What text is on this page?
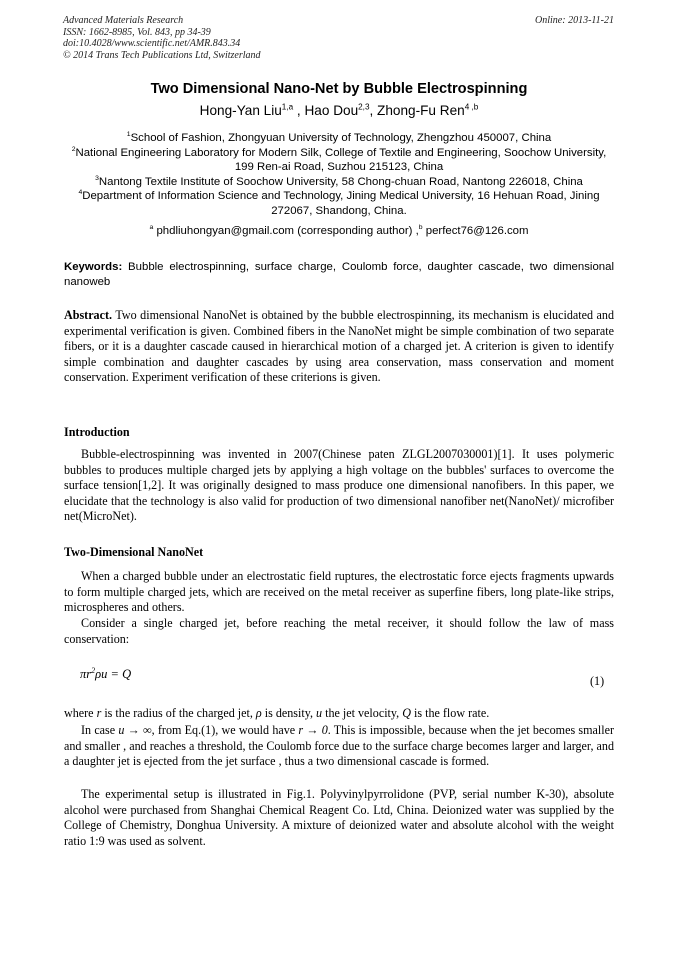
Advanced Materials Research
ISSN: 1662-8985, Vol. 843, pp 34-39
doi:10.4028/www.scientific.net/AMR.843.34
© 2014 Trans Tech Publications Ltd, Switzerland
Online: 2013-11-21
Two Dimensional Nano-Net by Bubble Electrospinning
Hong-Yan Liu$^{1,a}$ , Hao Dou$^{2,3}$, Zhong-Fu Ren$^{4 ,b}$
$^1$School of Fashion, Zhongyuan University of Technology, Zhengzhou 450007, China
$^2$National Engineering Laboratory for Modern Silk, College of Textile and Engineering, Soochow University, 199 Ren-ai Road, Suzhou 215123, China
$^3$Nantong Textile Institute of Soochow University, 58 Chong-chuan Road, Nantong 226018, China
$^4$Department of Information Science and Technology, Jining Medical University, 16 Hehuan Road, Jining 272067, Shandong, China.
$^a$ phdliuhongyan@gmail.com (corresponding author) ,$^b$ perfect76@126.com
Keywords: Bubble electrospinning, surface charge, Coulomb force, daughter cascade, two dimensional nanoweb
Abstract. Two dimensional NanoNet is obtained by the bubble electrospinning, its mechanism is elucidated and experimental verification is given. Combined fibers in the NanoNet might be simple combination of two separate fibers, or it is a daughter cascade caused in hierarchical motion of a charged jet. A criterion is given to identify simple combination and daughter cascades by using area conservation, mass conservation and moment conservation. Experiment verification of these criterions is given.
Introduction
Bubble-electrospinning was invented in 2007(Chinese paten ZLGL2007030001)[1]. It uses polymeric bubbles to produces multiple charged jets by applying a high voltage on the bubbles' surfaces to overcome the surface tension[1,2]. It was originally designed to mass produce one dimensional nanofibers. In this paper, we elucidate that the technology is also valid for production of two dimensional nanofiber net(NanoNet)/ microfiber net(MicroNet).
Two-Dimensional NanoNet
When a charged bubble under an electrostatic field ruptures, the electrostatic force ejects fragments upwards to form multiple charged jets, which are received on the metal receiver as superfine fibers, long plate-like strips, microspheres and others.
Consider a single charged jet, before reaching the metal receiver, it should follow the law of mass conservation:
$\pi r^2\rho u = Q$	(1)
where r is the radius of the charged jet, ρ is density, u the jet velocity, Q is the flow rate.
In case u → ∞, from Eq.(1), we would have r → 0. This is impossible, because when the jet becomes smaller and smaller , and reaches a threshold, the Coulomb force due to the surface charge becomes larger and larger, and a daughter jet is ejected from the jet surface , thus a two dimensional cascade is formed.
The experimental setup is illustrated in Fig.1. Polyvinylpyrrolidone (PVP, serial number K-30), absolute alcohol were purchased from Shanghai Chemical Reagent Co. Ltd, China. Deionized water was supplied by the College of Chemistry, Donghua University. A mixture of deionized water and absolute alcohol with the weight ratio 1:9 was used as solvent.
